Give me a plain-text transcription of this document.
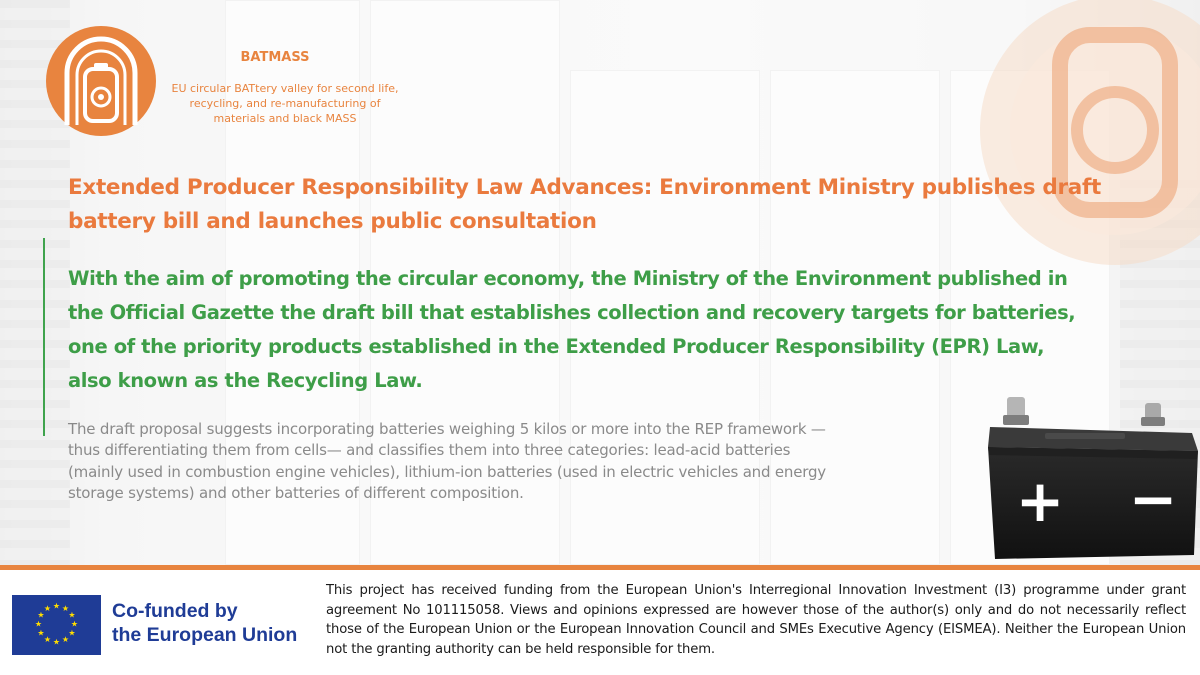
BATMASS
EU circular BATtery valley for second life, recycling, and re-manufacturing of materials and black MASS
Extended Producer Responsibility Law Advances: Environment Ministry publishes draft battery bill and launches public consultation

With the aim of promoting the circular economy, the Ministry of the Environment published in the Official Gazette the draft bill that establishes collection and recovery targets for batteries, one of the priority products established in the Extended Producer Responsibility (EPR) Law, also known as the Recycling Law.

The draft proposal suggests incorporating batteries weighing 5 kilos or more into the REP framework —thus differentiating them from cells— and classifies them into three categories: lead-acid batteries (mainly used in combustion engine vehicles), lithium-ion batteries (used in electric vehicles and energy storage systems) and other batteries of different composition.	+ −
★ ★
★
★
★
★
★
★
★
★
★
★	Co-funded by
the European Union

This project has received funding from the European Union's Interregional Innovation Investment (I3) programme under grant agreement No 101115058. Views and opinions expressed are however those of the author(s) only and do not necessarily reflect those of the European Union or the European Innovation Council and SMEs Executive Agency (EISMEA). Neither the European Union not the granting authority can be held responsible for them.
